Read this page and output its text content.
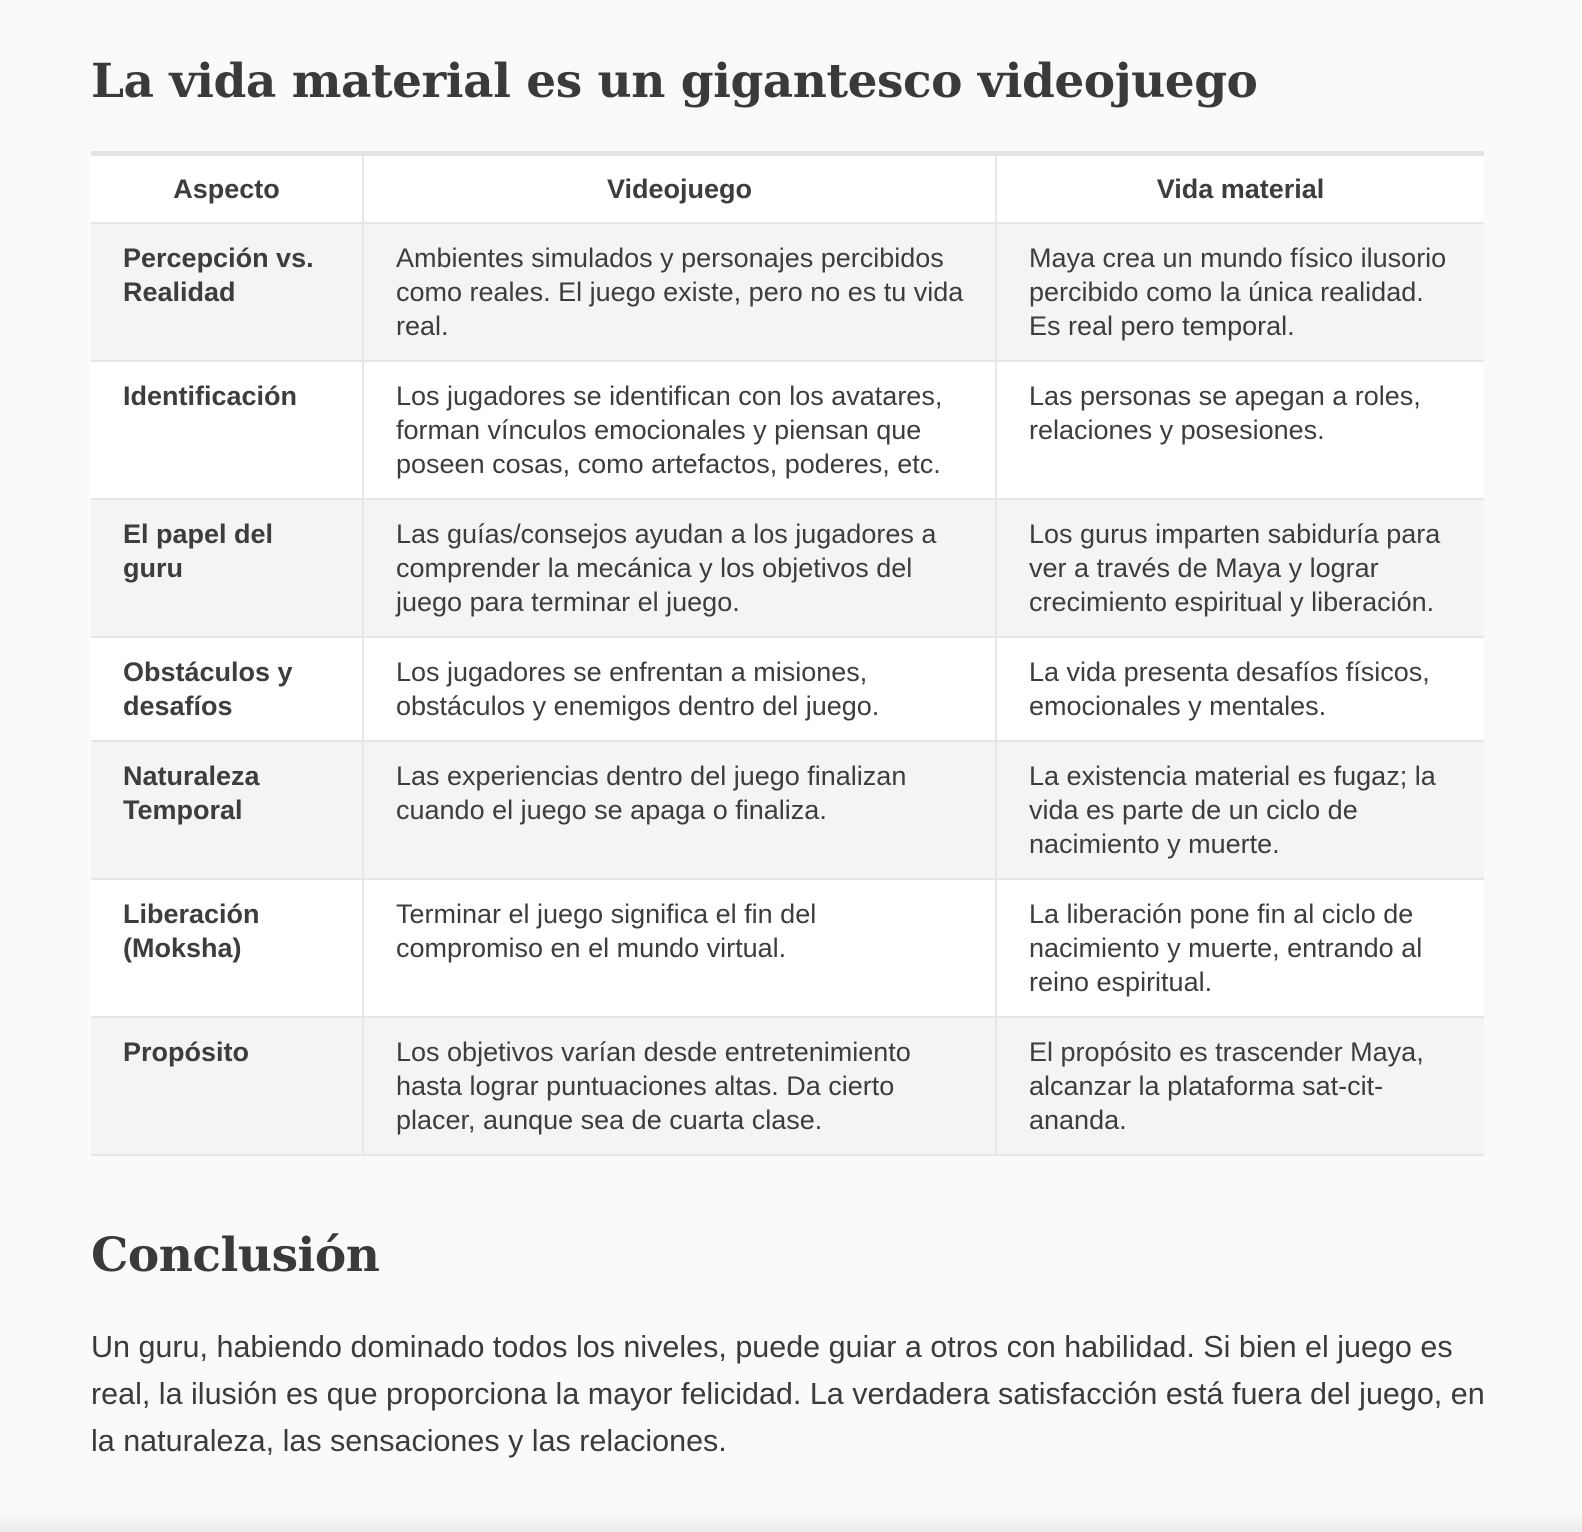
La vida material es un gigantesco videojuego
Aspecto	Videojuego	Vida material
Percepción vs. Realidad	Ambientes simulados y personajes percibidos como reales. El juego existe, pero no es tu vida real.	Maya crea un mundo físico ilusorio percibido como la única realidad. Es real pero temporal.
Identificación	Los jugadores se identifican con los avatares, forman vínculos emocionales y piensan que poseen cosas, como artefactos, poderes, etc.	Las personas se apegan a roles, relaciones y posesiones.
El papel del guru	Las guías/consejos ayudan a los jugadores a comprender la mecánica y los objetivos del juego para terminar el juego.	Los gurus imparten sabiduría para ver a través de Maya y lograr crecimiento espiritual y liberación.
Obstáculos y desafíos	Los jugadores se enfrentan a misiones, obstáculos y enemigos dentro del juego.	La vida presenta desafíos físicos, emocionales y mentales.
Naturaleza Temporal	Las experiencias dentro del juego finalizan cuando el juego se apaga o finaliza.	La existencia material es fugaz; la vida es parte de un ciclo de nacimiento y muerte.
Liberación (Moksha)	Terminar el juego significa el fin del compromiso en el mundo virtual.	La liberación pone fin al ciclo de nacimiento y muerte, entrando al reino espiritual.
Propósito	Los objetivos varían desde entretenimiento hasta lograr puntuaciones altas. Da cierto placer, aunque sea de cuarta clase.	El propósito es trascender Maya, alcanzar la plataforma sat-cit-ananda.
Conclusión

Un guru, habiendo dominado todos los niveles, puede guiar a otros con habilidad. Si bien el juego es real, la ilusión es que proporciona la mayor felicidad. La verdadera satisfacción está fuera del juego, en la naturaleza, las sensaciones y las relaciones.
